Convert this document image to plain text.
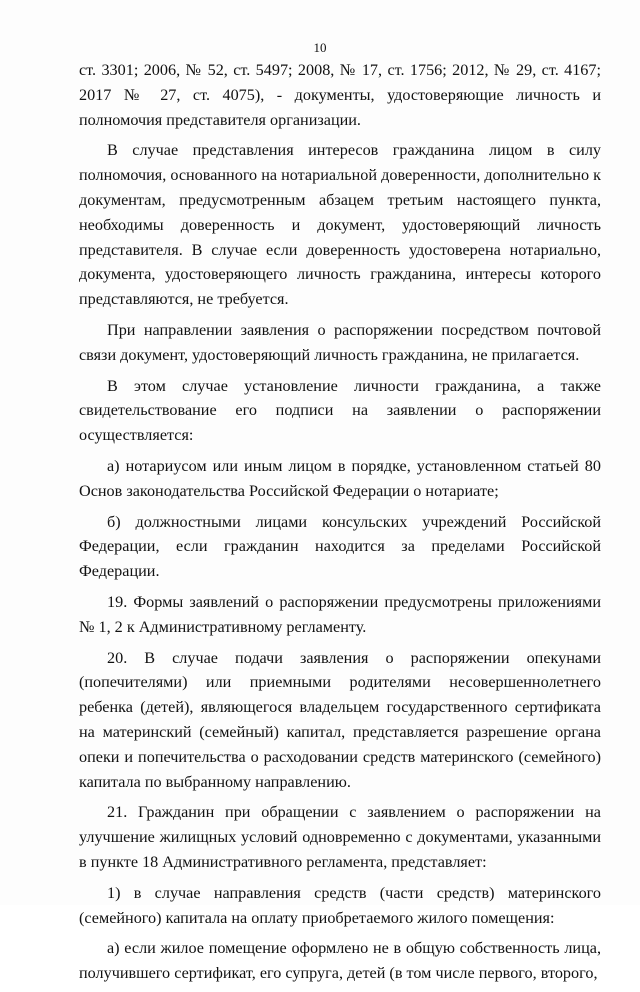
10

ст. 3301; 2006, № 52, ст. 5497; 2008, № 17, ст. 1756; 2012, № 29, ст. 4167; 2017 № 27, ст. 4075), - документы, удостоверяющие личность и полномочия представителя организации.

В случае представления интересов гражданина лицом в силу полномочия, основанного на нотариальной доверенности, дополнительно к документам, предусмотренным абзацем третьим настоящего пункта, необходимы доверенность и документ, удостоверяющий личность представителя. В случае если доверенность удостоверена нотариально, документа, удостоверяющего личность гражданина, интересы которого представляются, не требуется.

При направлении заявления о распоряжении посредством почтовой связи документ, удостоверяющий личность гражданина, не прилагается.

В этом случае установление личности гражданина, а также свидетельствование его подписи на заявлении о распоряжении осуществляется:

а) нотариусом или иным лицом в порядке, установленном статьей 80 Основ законодательства Российской Федерации о нотариате;

б) должностными лицами консульских учреждений Российской Федерации, если гражданин находится за пределами Российской Федерации.

19. Формы заявлений о распоряжении предусмотрены приложениями № 1, 2 к Административному регламенту.

20. В случае подачи заявления о распоряжении опекунами (попечителями) или приемными родителями несовершеннолетнего ребенка (детей), являющегося владельцем государственного сертификата на материнский (семейный) капитал, представляется разрешение органа опеки и попечительства о расходовании средств материнского (семейного) капитала по выбранному направлению.

21. Гражданин при обращении с заявлением о распоряжении на улучшение жилищных условий одновременно с документами, указанными в пункте 18 Административного регламента, представляет:

1) в случае направления средств (части средств) материнского (семейного) капитала на оплату приобретаемого жилого помещения:

а) если жилое помещение оформлено не в общую собственность лица, получившего сертификат, его супруга, детей (в том числе первого, второго,
